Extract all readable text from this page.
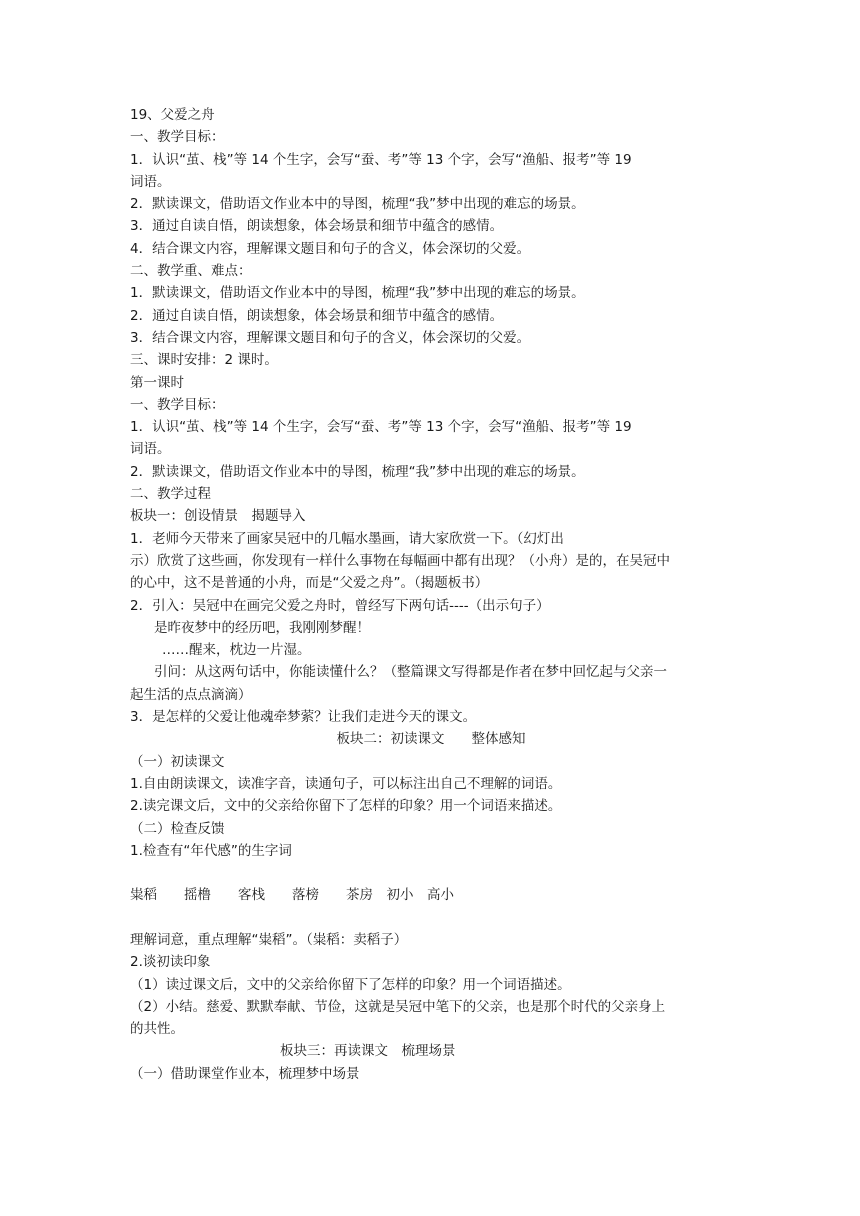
19、父爱之舟
一、教学目标：
1．认识“茧、栈”等 14 个生字，会写“蚕、考”等 13 个字，会写“渔船、报考”等 19
词语。
2．默读课文，借助语文作业本中的导图，梳理“我”梦中出现的难忘的场景。
3．通过自读自悟，朗读想象，体会场景和细节中蕴含的感情。
4．结合课文内容，理解课文题目和句子的含义，体会深切的父爱。
二、教学重、难点：
1．默读课文，借助语文作业本中的导图，梳理“我”梦中出现的难忘的场景。
2．通过自读自悟，朗读想象，体会场景和细节中蕴含的感情。
3．结合课文内容，理解课文题目和句子的含义，体会深切的父爱。
三、课时安排：2 课时。
第一课时
一、教学目标：
1．认识“茧、栈”等 14 个生字，会写“蚕、考”等 13 个字，会写“渔船、报考”等 19
词语。
2．默读课文，借助语文作业本中的导图，梳理“我”梦中出现的难忘的场景。
二、教学过程
板块一：创设情景　揭题导入
1．老师今天带来了画家吴冠中的几幅水墨画，请大家欣赏一下。（幻灯出
示）欣赏了这些画，你发现有一样什么事物在每幅画中都有出现？（小舟）是的，在吴冠中
的心中，这不是普通的小舟，而是“父爱之舟”。（揭题板书）
2．引入：吴冠中在画完父爱之舟时，曾经写下两句话----（出示句子）
是昨夜梦中的经历吧，我刚刚梦醒！
……醒来，枕边一片湿。
引问：从这两句话中，你能读懂什么？（整篇课文写得都是作者在梦中回忆起与父亲一
起生活的点点滴滴）
3．是怎样的父爱让他魂牵梦萦？让我们走进今天的课文。
板块二：初读课文　　整体感知
（一）初读课文
1.自由朗读课文，读准字音，读通句子，可以标注出自己不理解的词语。
2.读完课文后，文中的父亲给你留下了怎样的印象？用一个词语来描述。
（二）检查反馈
1.检查有“年代感”的生字词
粜稻　　摇橹　　客栈　　落榜　　茶房　初小　高小
理解词意，重点理解“粜稻”。（粜稻：卖稻子）
2.谈初读印象
（1）读过课文后，文中的父亲给你留下了怎样的印象？用一个词语描述。
（2）小结。慈爱、默默奉献、节俭，这就是吴冠中笔下的父亲，也是那个时代的父亲身上
的共性。
板块三：再读课文　梳理场景
（一）借助课堂作业本，梳理梦中场景
